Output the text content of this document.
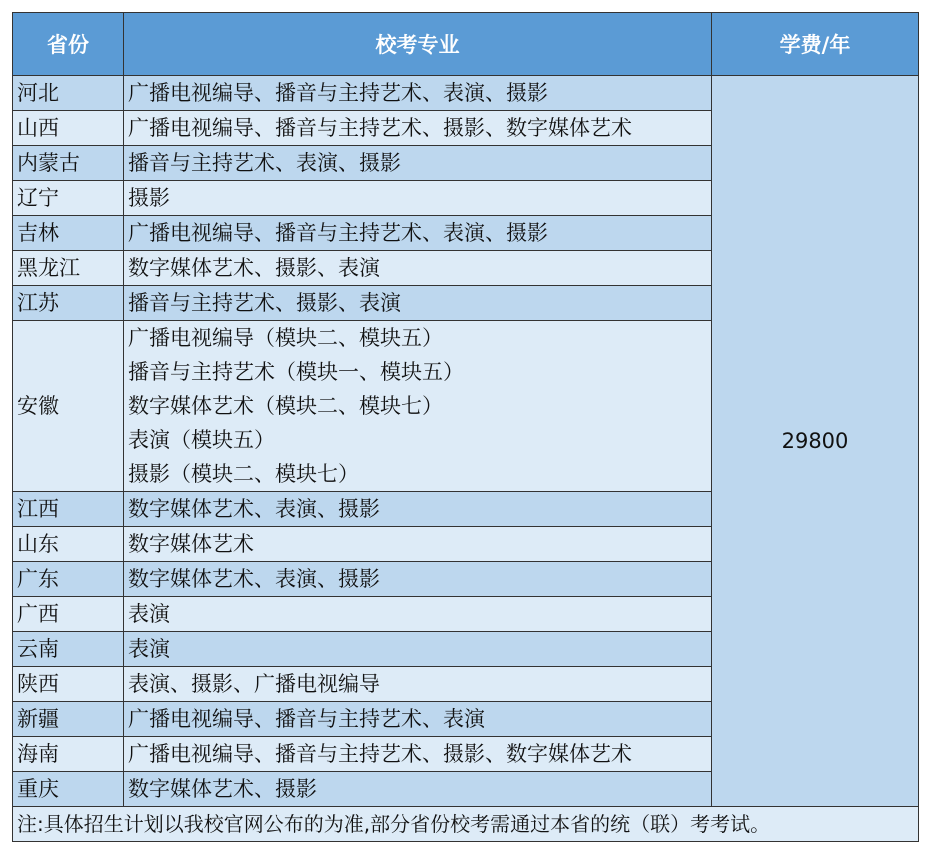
省份	校考专业	学费/年
河北	广播电视编导、播音与主持艺术、表演、摄影	29800
山西	广播电视编导、播音与主持艺术、摄影、数字媒体艺术	

内蒙古	播音与主持艺术、表演、摄影	

辽宁	摄影	

吉林	广播电视编导、播音与主持艺术、表演、摄影	

黑龙江	数字媒体艺术、摄影、表演	

江苏	播音与主持艺术、摄影、表演	

安徽	广播电视编导（模块二、模块五）
播音与主持艺术（模块一、模块五）
数字媒体艺术（模块二、模块七）
表演（模块五）
摄影（模块二、模块七）	

江西	数字媒体艺术、表演、摄影	

山东	数字媒体艺术	

广东	数字媒体艺术、表演、摄影	

广西	表演	

云南	表演	

陕西	表演、摄影、广播电视编导	

新疆	广播电视编导、播音与主持艺术、表演	

海南	广播电视编导、播音与主持艺术、摄影、数字媒体艺术	

重庆	数字媒体艺术、摄影	

注:具体招生计划以我校官网公布的为准,部分省份校考需通过本省的统（联）考考试。		
